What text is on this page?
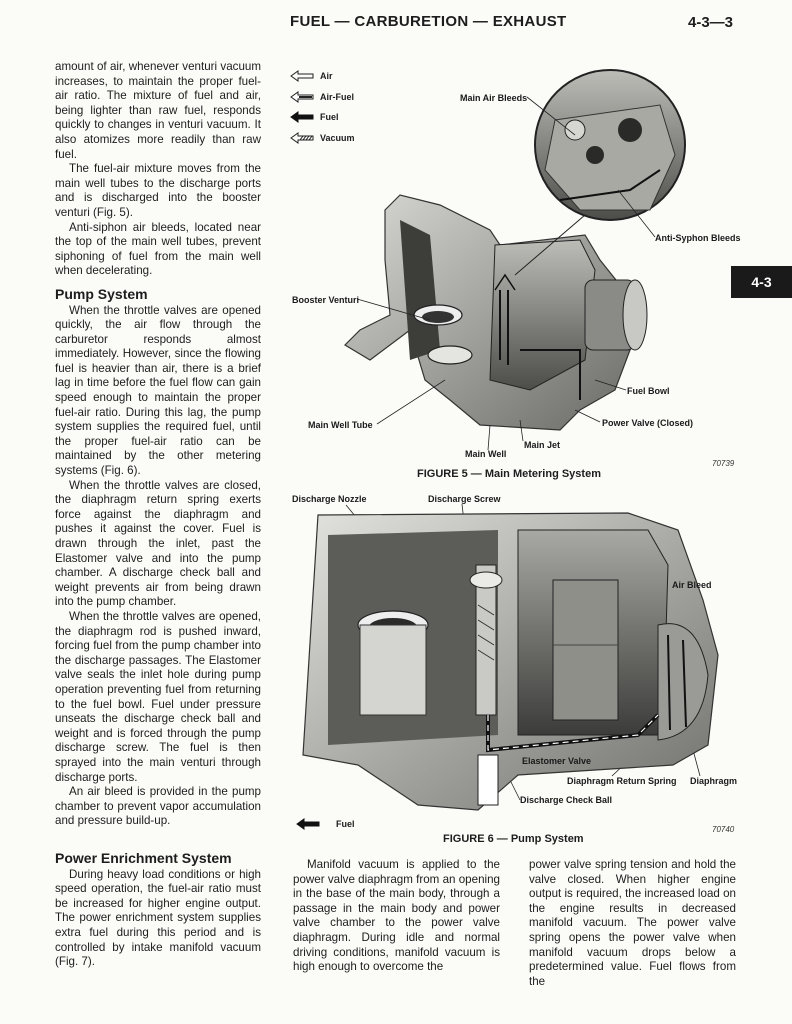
FUEL — CARBURETION — EXHAUST	4-3—3
4-3

amount of air, whenever venturi vacuum increases, to maintain the proper fuel-air ratio. The mixture of fuel and air, being lighter than raw fuel, responds quickly to changes in venturi vacuum. It also atomizes more readily than raw fuel.

The fuel-air mixture moves from the main well tubes to the discharge ports and is discharged into the booster venturi (Fig. 5).

Anti-siphon air bleeds, located near the top of the main well tubes, prevent siphoning of fuel from the main well when decelerating.

Pump System

When the throttle valves are opened quickly, the air flow through the carburetor responds almost immediately. However, since the flowing fuel is heavier than air, there is a brief lag in time before the fuel flow can gain speed enough to maintain the proper fuel-air ratio. During this lag, the pump system supplies the required fuel, until the proper fuel-air ratio can be maintained by the other metering systems (Fig. 6).

When the throttle valves are closed, the diaphragm return spring exerts force against the diaphragm and pushes it against the cover. Fuel is drawn through the inlet, past the Elastomer valve and into the pump chamber. A discharge check ball and weight prevents air from being drawn into the pump chamber.

When the throttle valves are opened, the diaphragm rod is pushed inward, forcing fuel from the pump chamber into the discharge passages. The Elastomer valve seals the inlet hole during pump operation preventing fuel from returning to the fuel bowl. Fuel under pressure unseats the discharge check ball and weight and is forced through the pump discharge screw. The fuel is then sprayed into the main venturi through discharge ports.

An air bleed is provided in the pump chamber to prevent vapor accumulation and pressure build-up.

Air
Air-Fuel
Fuel
Vacuum
Main Air Bleeds
Anti-Syphon Bleeds
Booster Venturi
Fuel Bowl
Power Valve (Closed)
Main Well Tube
Main Jet
Main Well
70739
FIGURE 5 — Main Metering System
Discharge Nozzle	Discharge Screw
Air Bleed
Elastomer Valve
Diaphragm Return Spring Diaphragm
Discharge Check Ball
Fuel
70740
FIGURE 6 — Pump System
Power Enrichment System

During heavy load conditions or high speed operation, the fuel-air ratio must be increased for higher engine output. The power enrichment system supplies extra fuel during this period and is controlled by intake manifold vacuum (Fig. 7).

Manifold vacuum is applied to the power valve diaphragm from an opening in the base of the main body, through a passage in the main body and power valve chamber to the power valve diaphragm. During idle and normal driving conditions, manifold vacuum is high enough to overcome the

power valve spring tension and hold the valve closed. When higher engine output is required, the increased load on the engine results in decreased manifold vacuum. The power valve spring opens the power valve when manifold vacuum drops below a predetermined value. Fuel flows from the
